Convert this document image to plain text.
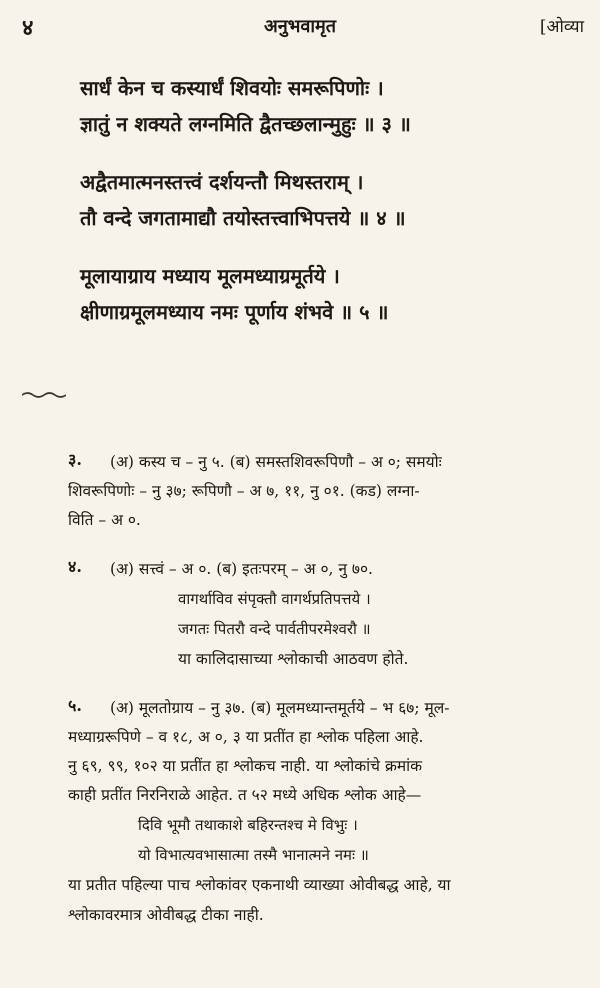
४	अनुभवामृत	[ओव्या
सार्धं केन च कस्यार्धं शिवयोः समरूपिणोः ।
ज्ञातुं न शक्यते लग्नमिति द्वैतच्छलान्मुहुः ॥ ३ ॥
अद्वैतमात्मनस्तत्त्वं दर्शयन्तौ मिथस्तराम् ।
तौ वन्दे जगतामाद्यौ तयोस्तत्त्वाभिपत्तये ॥ ४ ॥
मूलायाग्राय मध्याय मूलमध्याग्रमूर्तये ।
क्षीणाग्रमूलमध्याय नमः पूर्णाय शंभवे ॥ ५ ॥
३.	(अ) कस्य च – नु ५. (ब) समस्तशिवरूपिणौ – अ ०; समयोः
शिवरूपिणोः – नु ३७; रूपिणौ – अ ७, ११, नु ०१. (कड) लग्ना-
विति – अ ०.
४.	(अ) सत्त्वं – अ ०. (ब) इतःपरम् – अ ०, नु ७०.
वागर्थाविव संपृक्तौ वागर्थप्रतिपत्तये ।
जगतः पितरौ वन्दे पार्वतीपरमेश्वरौ ॥
या कालिदासाच्या श्लोकाची आठवण होते.
५.	(अ) मूलतोग्राय – नु ३७. (ब) मूलमध्यान्तमूर्तये – भ ६७; मूल-
मध्याग्ररूपिणे – व १८, अ ०, ३ या प्रतींत हा श्लोक पहिला आहे.
नु ६९, ९९, १०२ या प्रतींत हा श्लोकच नाही. या श्लोकांचे क्रमांक
काही प्रतींत निरनिराळे आहेत. त ५२ मध्ये अधिक श्लोक आहे—
दिवि भूमौ तथाकाशे बहिरन्तश्च मे विभुः ।
यो विभात्यवभासात्मा तस्मै भानात्मने नमः ॥
या प्रतीत पहिल्या पाच श्लोकांवर एकनाथी व्याख्या ओवीबद्ध आहे, या
श्लोकावरमात्र ओवीबद्ध टीका नाही.
